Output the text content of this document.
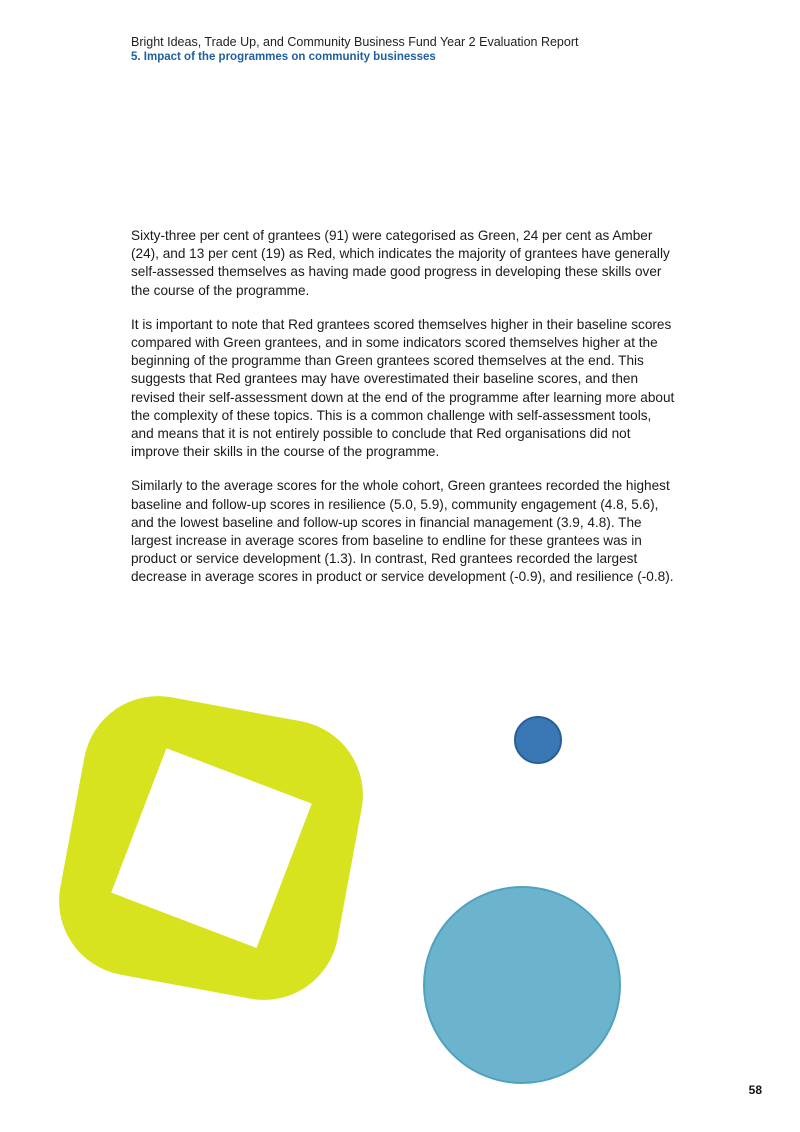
Bright Ideas, Trade Up, and Community Business Fund Year 2 Evaluation Report

5. Impact of the programmes on community businesses

Sixty-three per cent of grantees (91) were categorised as Green, 24 per cent as Amber (24), and 13 per cent (19) as Red, which indicates the majority of grantees have generally self-assessed themselves as having made good progress in developing these skills over the course of the programme.

It is important to note that Red grantees scored themselves higher in their baseline scores compared with Green grantees, and in some indicators scored themselves higher at the beginning of the programme than Green grantees scored themselves at the end. This suggests that Red grantees may have overestimated their baseline scores, and then revised their self-assessment down at the end of the programme after learning more about the complexity of these topics. This is a common challenge with self-assessment tools, and means that it is not entirely possible to conclude that Red organisations did not improve their skills in the course of the programme.

Similarly to the average scores for the whole cohort, Green grantees recorded the highest baseline and follow-up scores in resilience (5.0, 5.9), community engagement (4.8, 5.6), and the lowest baseline and follow-up scores in financial management (3.9, 4.8). The largest increase in average scores from baseline to endline for these grantees was in product or service development (1.3). In contrast, Red grantees recorded the largest decrease in average scores in product or service development (-0.9), and resilience (-0.8).

58
